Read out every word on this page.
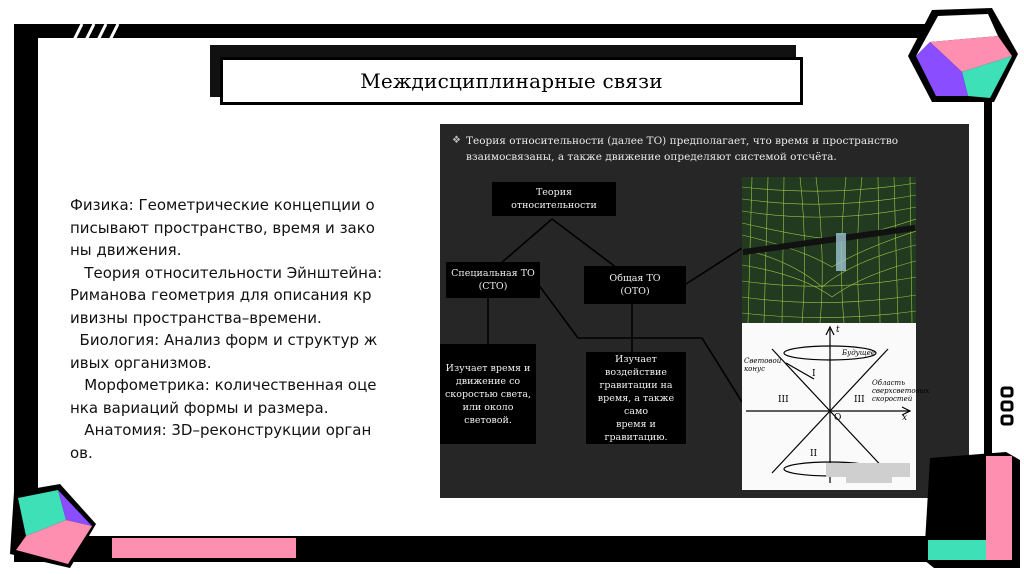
Междисциплинарные связи
Физика: Геометрические концепции о
писывают пространство, время и зако
ны движения.
Теория относительности Эйнштейна:
Риманова геометрия для описания кр
ивизны пространства–времени.
Биология: Анализ форм и структур ж
ивых организмов.
Морфометрика: количественная оце
нка вариаций формы и размера.
Анатомия: 3D–реконструкции орган
ов.
❖ Теория относительности (далее ТО) предполагает, что время и пространство
взаимосвязаны, а также движение определяют системой отсчёта.
Теория относительности
Специальная ТО
(СТО)
Общая ТО
(ОТО)
Изучает время и
движение со
скоростью света,
или около
световой.
Изучает
воздействие
гравитации на
время, а также само
время и
гравитацию.
t
x
O
Будущее
Световой
конус
Область
сверхсветовых
скоростей
I
II
III	III
